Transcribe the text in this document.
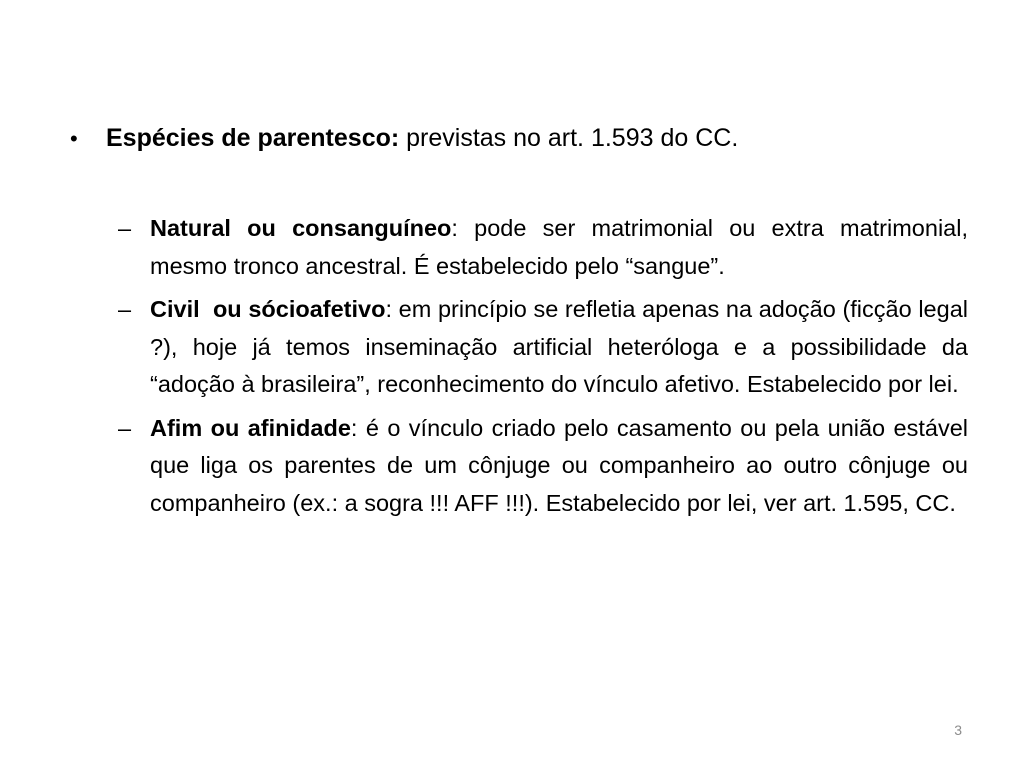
• Espécies de parentesco: previstas no art. 1.593 do CC.
– Natural ou consanguíneo: pode ser matrimonial ou extra matrimonial, mesmo tronco ancestral. É estabelecido pelo “sangue”.
– Civil  ou sócioafetivo: em princípio se refletia apenas na adoção (ficção legal ?), hoje já temos inseminação artificial heteróloga e a possibilidade da “adoção à brasileira”, reconhecimento do vínculo afetivo. Estabelecido por lei.
– Afim ou afinidade: é o vínculo criado pelo casamento ou pela união estável que liga os parentes de um cônjuge ou companheiro ao outro cônjuge ou companheiro (ex.: a sogra !!! AFF !!!). Estabelecido por lei, ver art. 1.595, CC.
3
